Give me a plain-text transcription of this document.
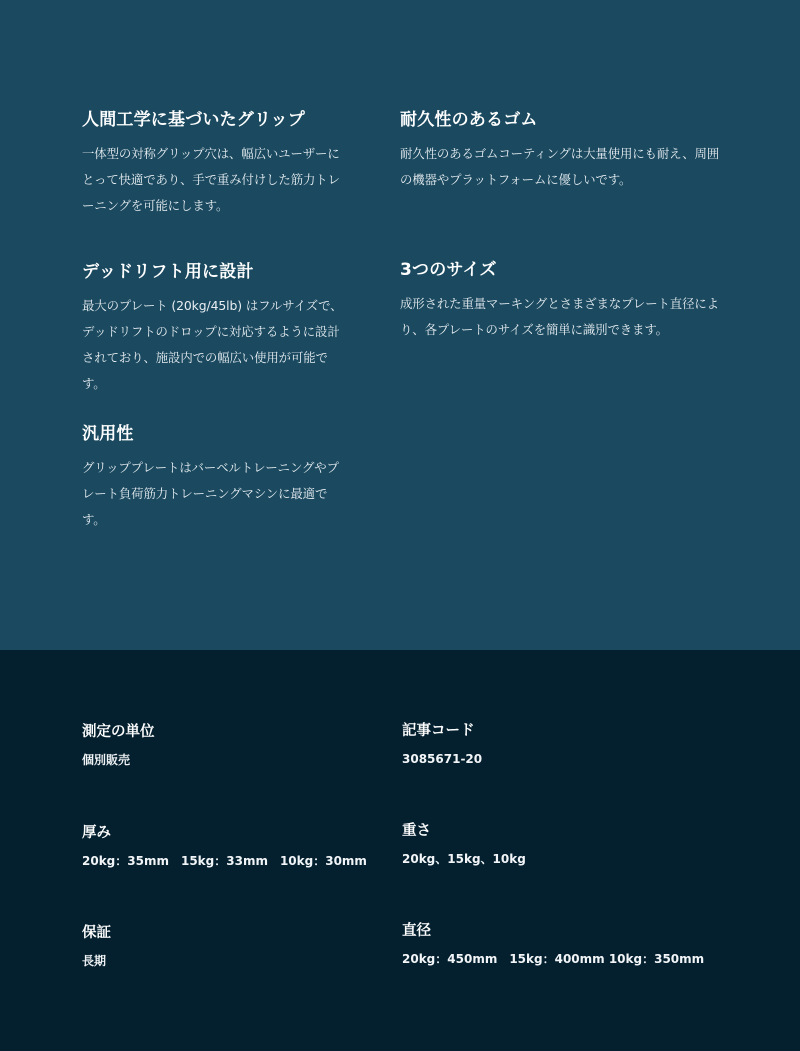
人間工学に基づいたグリップ

一体型の対称グリップ穴は、幅広いユーザーにとって快適であり、手で重み付けした筋力トレーニングを可能にします。

耐久性のあるゴム

耐久性のあるゴムコーティングは大量使用にも耐え、周囲の機器やプラットフォームに優しいです。

デッドリフト用に設計

最大のプレート (20kg/45lb) はフルサイズで、デッドリフトのドロップに対応するように設計されており、施設内での幅広い使用が可能です。

3つのサイズ

成形された重量マーキングとさまざまなプレート直径により、各プレートのサイズを簡単に識別できます。

汎用性

グリッププレートはバーベルトレーニングやプレート負荷筋力トレーニングマシンに最適です。

測定の単位
個別販売
記事コード
3085671-20
厚み
20kg：35mm　15kg：33mm　10kg：30mm
重さ
20kg、15kg、10kg
保証
長期
直径
20kg：450mm　15kg：400mm 10kg：350mm
